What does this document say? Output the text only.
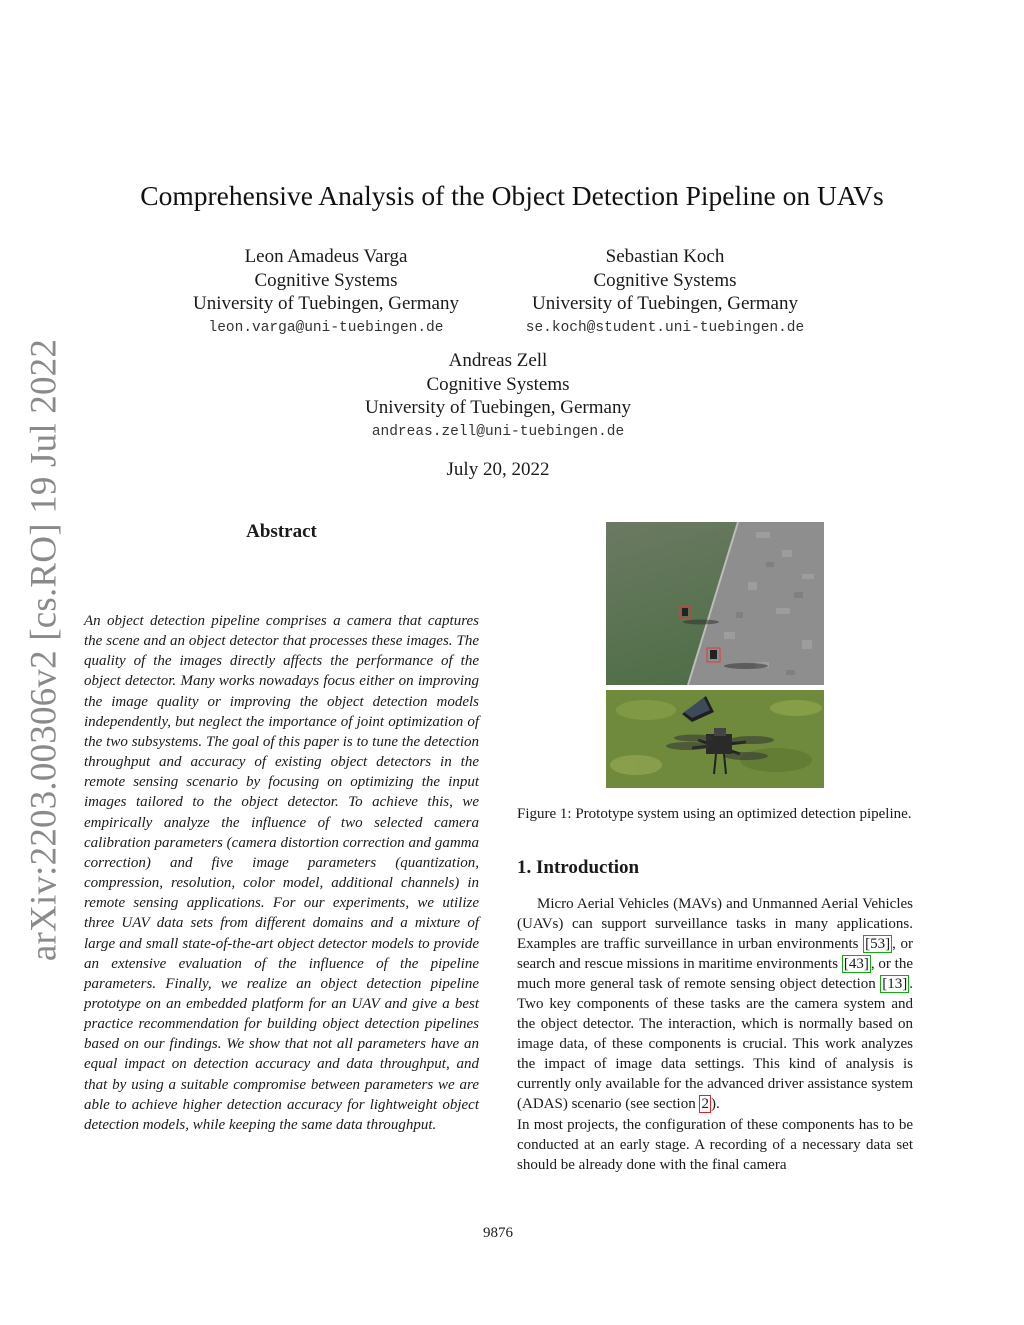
arXiv:2203.00306v2 [cs.RO] 19 Jul 2022
Comprehensive Analysis of the Object Detection Pipeline on UAVs
Leon Amadeus Varga
Cognitive Systems
University of Tuebingen, Germany
leon.varga@uni-tuebingen.de
Sebastian Koch
Cognitive Systems
University of Tuebingen, Germany
se.koch@student.uni-tuebingen.de
Andreas Zell
Cognitive Systems
University of Tuebingen, Germany
andreas.zell@uni-tuebingen.de
July 20, 2022
Abstract
An object detection pipeline comprises a camera that captures the scene and an object detector that processes these images. The quality of the images directly affects the performance of the object detector. Many works nowadays focus either on improving the image quality or improving the object detection models independently, but neglect the importance of joint optimization of the two subsystems. The goal of this paper is to tune the detection throughput and accuracy of existing object detectors in the remote sensing scenario by focusing on optimizing the input images tailored to the object detector. To achieve this, we empirically analyze the influence of two selected camera calibration parameters (camera distortion correction and gamma correction) and five image parameters (quantization, compression, resolution, color model, additional channels) in remote sensing applications. For our experiments, we utilize three UAV data sets from different domains and a mixture of large and small state-of-the-art object detector models to provide an extensive evaluation of the influence of the pipeline parameters. Finally, we realize an object detection pipeline prototype on an embedded platform for an UAV and give a best practice recommendation for building object detection pipelines based on our findings. We show that not all parameters have an equal impact on detection accuracy and data throughput, and that by using a suitable compromise between parameters we are able to achieve higher detection accuracy for lightweight object detection models, while keeping the same data throughput.
Figure 1: Prototype system using an optimized detection pipeline.
1. Introduction

Micro Aerial Vehicles (MAVs) and Unmanned Aerial Vehicles (UAVs) can support surveillance tasks in many applications. Examples are traffic surveillance in urban environments [53] , or search and rescue missions in maritime environments [43] , or the much more general task of remote sensing object detection [13] . Two key components of these tasks are the camera system and the object detector. The interaction, which is normally based on image data, of these components is crucial. This work analyzes the impact of image data settings. This kind of analysis is currently only available for the advanced driver assistance system (ADAS) scenario (see section 2 ).

In most projects, the configuration of these components has to be conducted at an early stage. A recording of a necessary data set should be already done with the final camera

9876
